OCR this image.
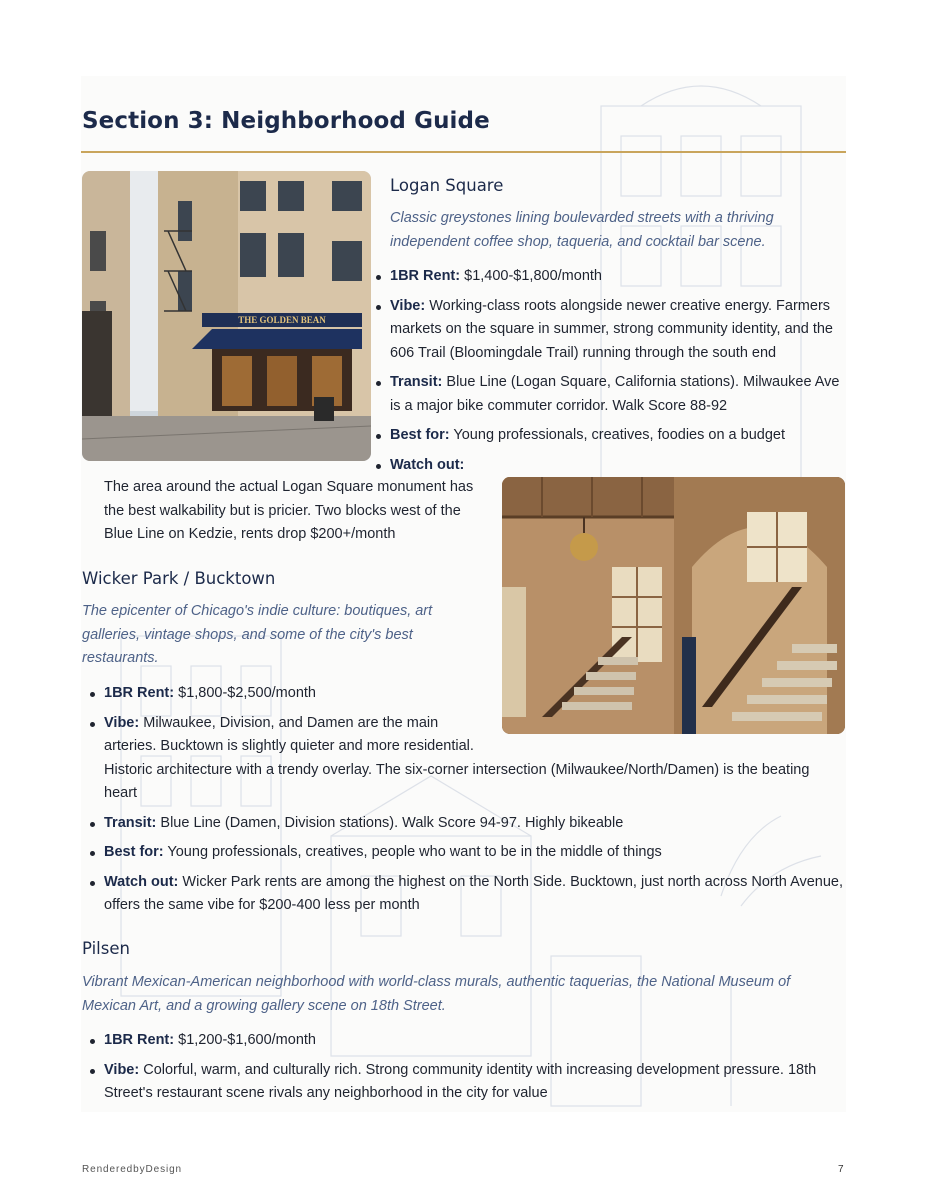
Section 3: Neighborhood Guide
THE GOLDEN BEAN
Logan Square

Classic greystones lining boulevarded streets with a thriving independent coffee shop, taqueria, and cocktail bar scene.

1BR Rent: $1,400-$1,800/month
Vibe: Working-class roots alongside newer creative energy. Farmers markets on the square in summer, strong community identity, and the 606 Trail (Bloomingdale Trail) running through the south end
Transit: Blue Line (Logan Square, California stations). Milwaukee Ave is a major bike commuter corridor. Walk Score 88-92
Best for: Young professionals, creatives, foodies on a budget
Watch out:

The area around the actual Logan Square monument has the best walkability but is pricier. Two blocks west of the Blue Line on Kedzie, rents drop $200+/month

Wicker Park / Bucktown

The epicenter of Chicago's indie culture: boutiques, art galleries, vintage shops, and some of the city's best restaurants.

1BR Rent: $1,800-$2,500/month
Vibe: Milwaukee, Division, and Damen are the main arteries. Bucktown is slightly quieter and more residential.
Historic architecture with a trendy overlay. The six-corner intersection (Milwaukee/North/Damen) is the beating heart
Transit: Blue Line (Damen, Division stations). Walk Score 94-97. Highly bikeable
Best for: Young professionals, creatives, people who want to be in the middle of things
Watch out: Wicker Park rents are among the highest on the North Side. Bucktown, just north across North Avenue, offers the same vibe for $200-400 less per month
Pilsen

Vibrant Mexican-American neighborhood with world-class murals, authentic taquerias, the National Museum of Mexican Art, and a growing gallery scene on 18th Street.

1BR Rent: $1,200-$1,600/month
Vibe: Colorful, warm, and culturally rich. Strong community identity with increasing development pressure. 18th Street's restaurant scene rivals any neighborhood in the city for value
RenderedbyDesign	7
